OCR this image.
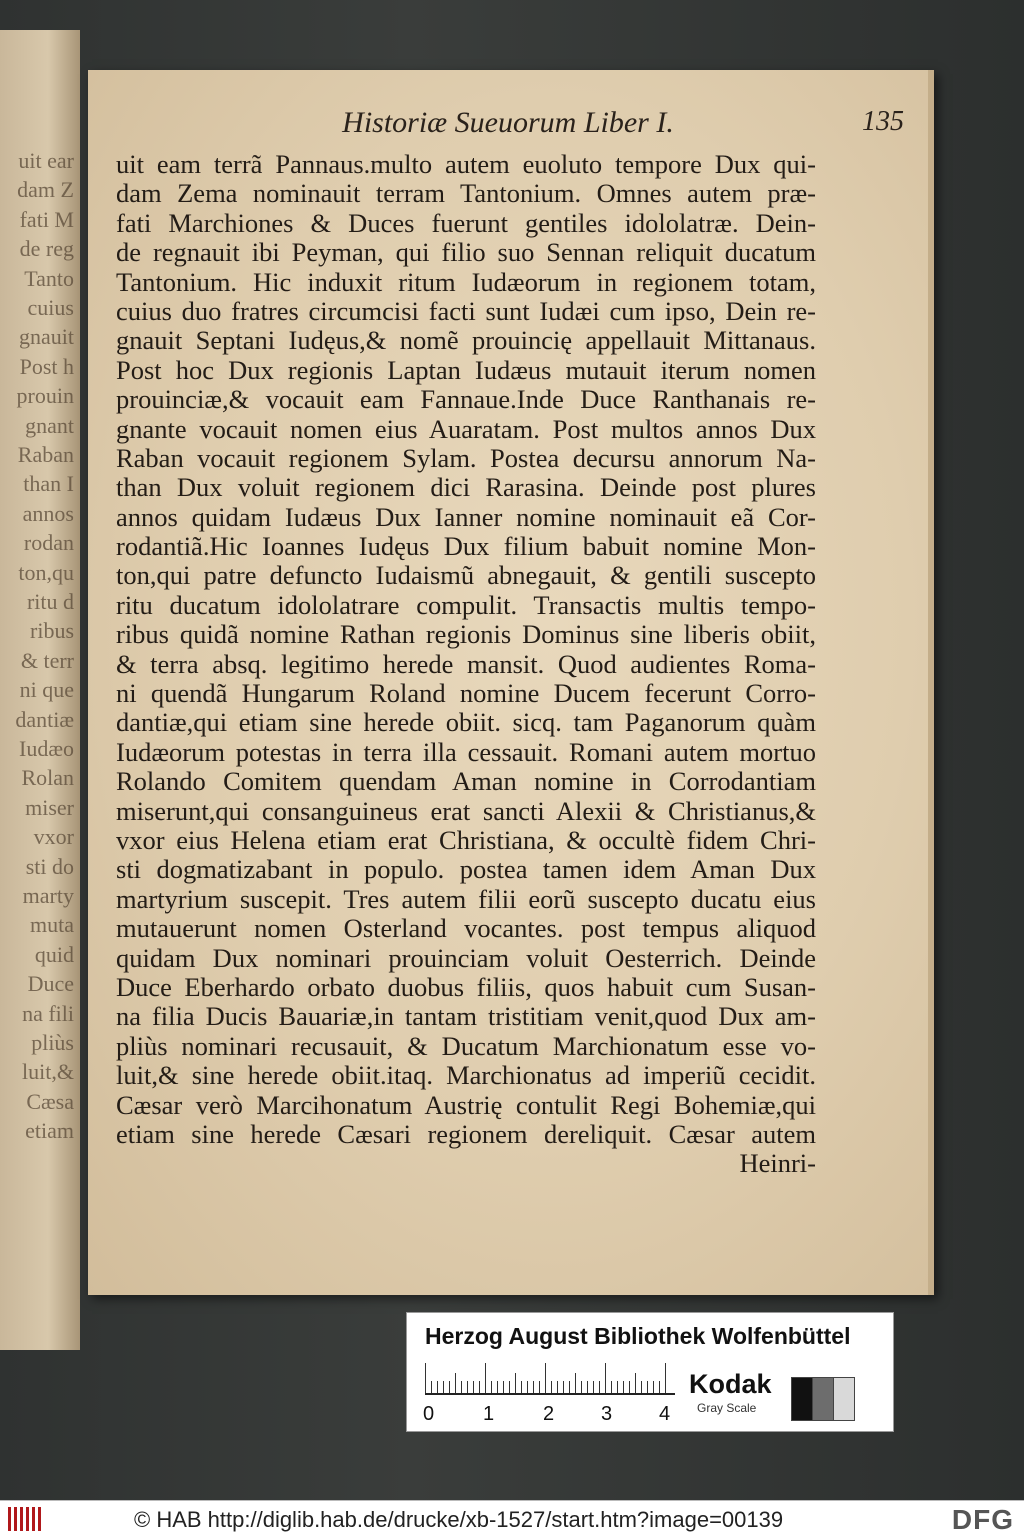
uit ear
dam Z
fati M
de reg
Tanto
cuius
gnauit
Post h
prouin
gnant
Raban
than I
annos
rodan
ton,qu
ritu d
ribus
& terr
ni que
dantiæ
Iudæo
Rolan
miser
vxor
sti do
marty
muta
quid
Duce
na fili
pliùs
luit,&
Cæsa
etiam
Historiæ Sueuorum Liber I.	135
uit eam terrã Pannaus.multo autem euoluto tempore Dux qui-
dam Zema nominauit terram Tantonium. Omnes autem præ-
fati Marchiones & Duces fuerunt gentiles idololatræ. Dein-
de regnauit ibi Peyman, qui filio suo Sennan reliquit ducatum
Tantonium. Hic induxit ritum Iudæorum in regionem totam,
cuius duo fratres circumcisi facti sunt Iudæi cum ipso, Dein re-
gnauit Septani Iudęus,& nomẽ prouincię appellauit Mittanaus.
Post hoc Dux regionis Laptan Iudæus mutauit iterum nomen
prouinciæ,& vocauit eam Fannaue.Inde Duce Ranthanais re-
gnante vocauit nomen eius Auaratam. Post multos annos Dux
Raban vocauit regionem Sylam. Postea decursu annorum Na-
than Dux voluit regionem dici Rarasina. Deinde post plures
annos quidam Iudæus Dux Ianner nomine nominauit eã Cor-
rodantiã.Hic Ioannes Iudęus Dux filium babuit nomine Mon-
ton,qui patre defuncto Iudaismũ abnegauit, & gentili suscepto
ritu ducatum idololatrare compulit. Transactis multis tempo-
ribus quidã nomine Rathan regionis Dominus sine liberis obiit,
& terra absq. legitimo herede mansit. Quod audientes Roma-
ni quendã Hungarum Roland nomine Ducem fecerunt Corro-
dantiæ,qui etiam sine herede obiit. sicq. tam Paganorum quàm
Iudæorum potestas in terra illa cessauit. Romani autem mortuo
Rolando Comitem quendam Aman nomine in Corrodantiam
miserunt,qui consanguineus erat sancti Alexii & Christianus,&
vxor eius Helena etiam erat Christiana, & occultè fidem Chri-
sti dogmatizabant in populo. postea tamen idem Aman Dux
martyrium suscepit. Tres autem filii eorũ suscepto ducatu eius
mutauerunt nomen Osterland vocantes. post tempus aliquod
quidam Dux nominari prouinciam voluit Oesterrich. Deinde
Duce Eberhardo orbato duobus filiis, quos habuit cum Susan-
na filia Ducis Bauariæ,in tantam tristitiam venit,quod Dux am-
pliùs nominari recusauit, & Ducatum Marchionatum esse vo-
luit,& sine herede obiit.itaq. Marchionatus ad imperiũ cecidit.
Cæsar verò Marcihonatum Austrię contulit Regi Bohemiæ,qui
etiam sine herede Cæsari regionem dereliquit. Cæsar autem
Heinri-
Herzog August Bibliothek Wolfenbüttel
0 1 2 3 4
Kodak
Gray Scale
© HAB http://diglib.hab.de/drucke/xb-1527/start.htm?image=00139	DFG
